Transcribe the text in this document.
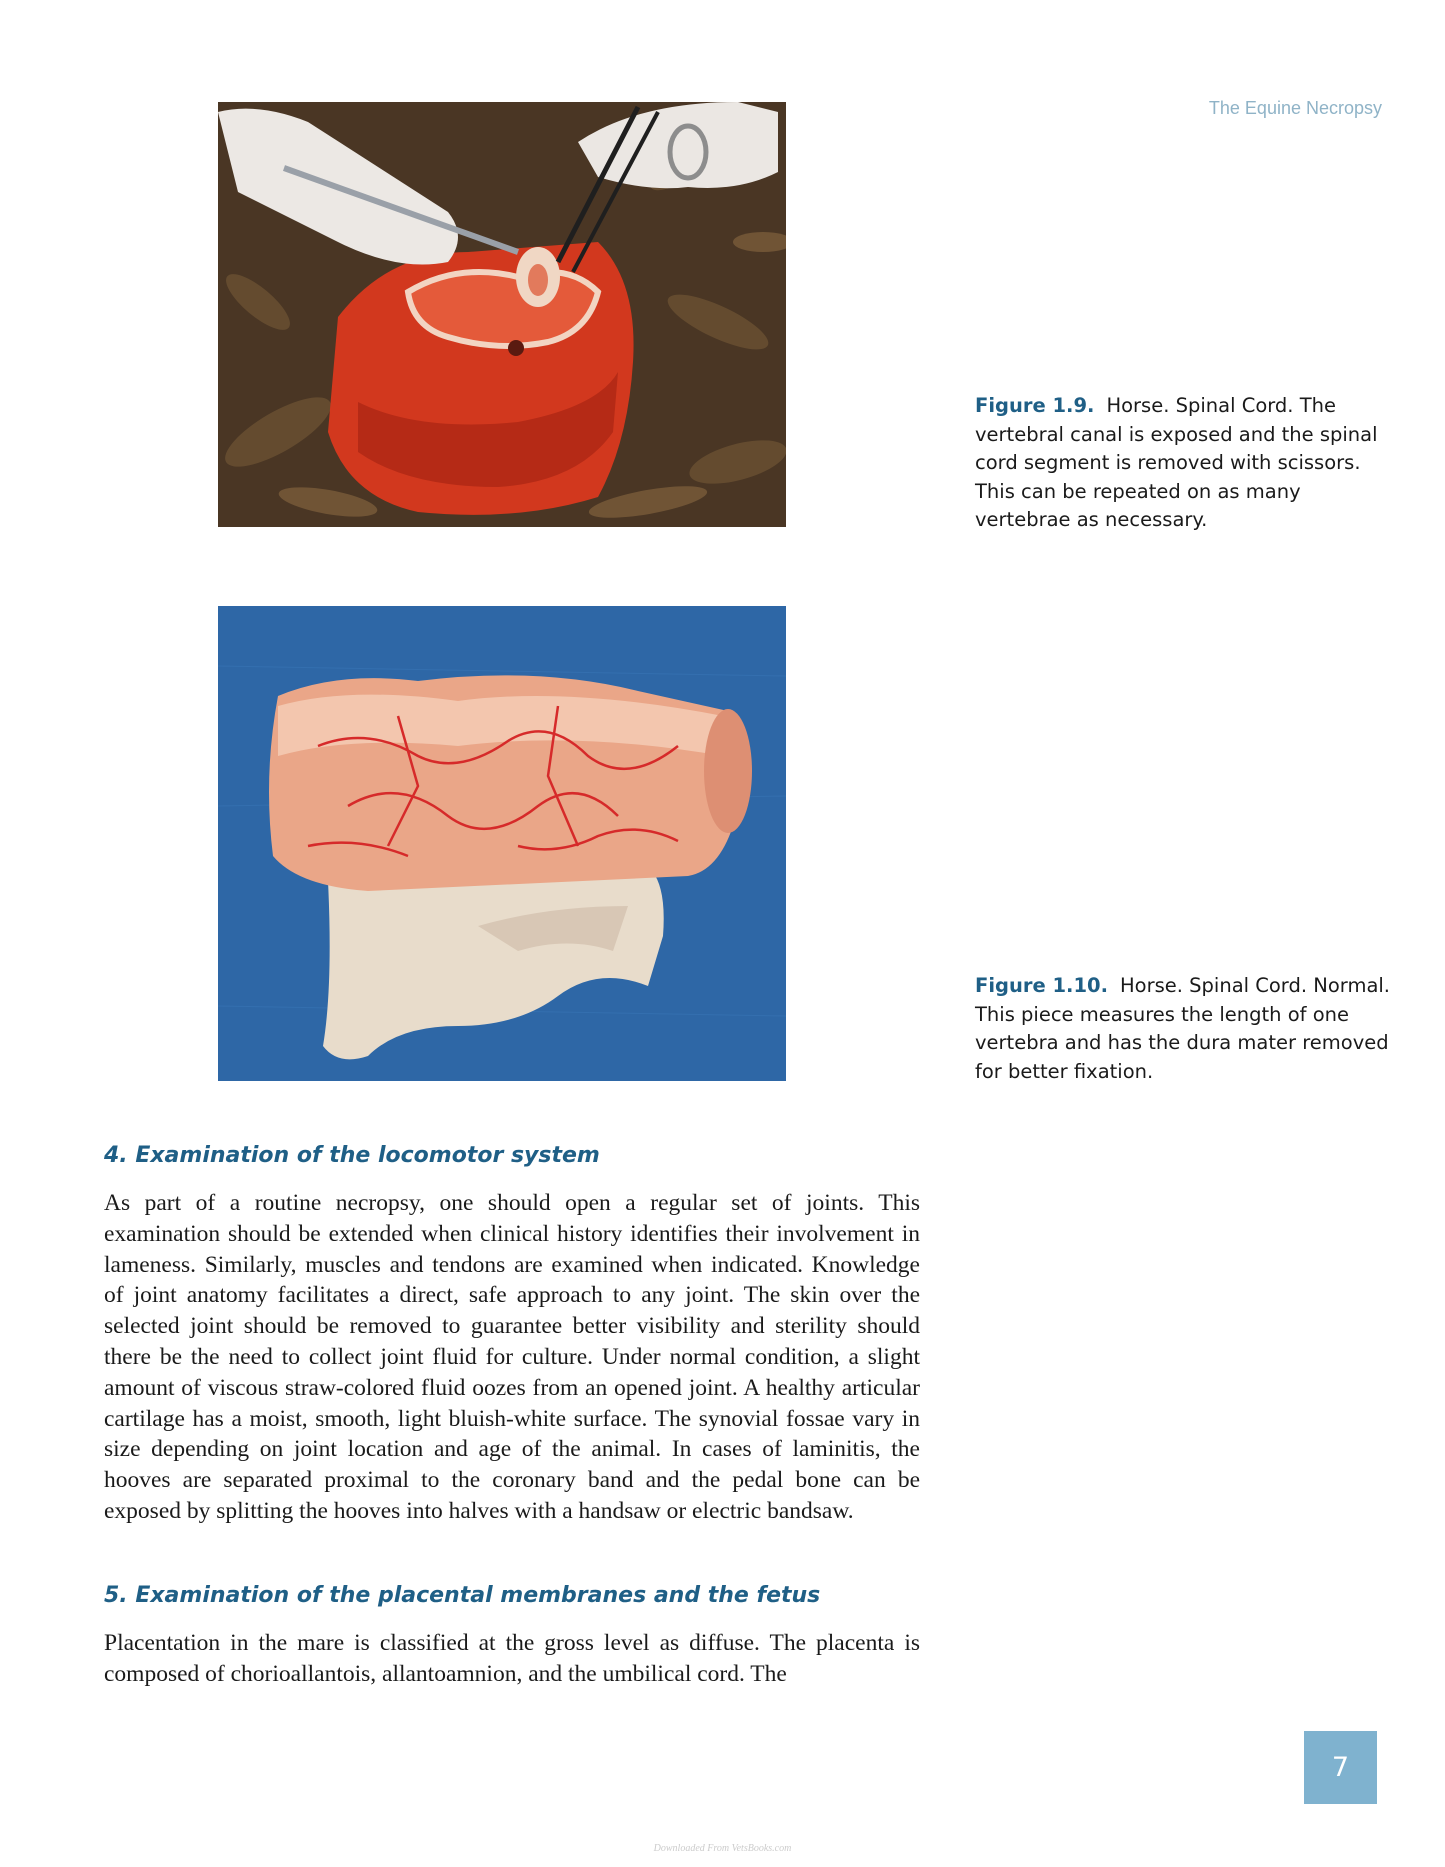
The Equine Necropsy
Figure 1.9. Horse. Spinal Cord. The vertebral canal is exposed and the spinal cord segment is removed with scissors. This can be repeated on as many vertebrae as necessary.
Figure 1.10. Horse. Spinal Cord. Normal. This piece measures the length of one vertebra and has the dura mater removed for better fixation.
4. Examination of the locomotor system
As part of a routine necropsy, one should open a regular set of joints. This examination should be extended when clinical history identifies their involvement in lameness. Similarly, muscles and tendons are examined when indicated. Knowledge of joint anatomy facilitates a direct, safe approach to any joint. The skin over the selected joint should be removed to guarantee better visibility and sterility should there be the need to collect joint fluid for culture. Under normal condition, a slight amount of viscous straw-colored fluid oozes from an opened joint. A healthy articular cartilage has a moist, smooth, light bluish-white surface. The synovial fossae vary in size depending on joint location and age of the animal. In cases of laminitis, the hooves are separated proximal to the coronary band and the pedal bone can be exposed by splitting the hooves into halves with a handsaw or electric bandsaw.
5. Examination of the placental membranes and the fetus
Placentation in the mare is classified at the gross level as diffuse. The placenta is composed of chorioallantois, allantoamnion, and the umbilical cord. The
7
Downloaded From VetsBooks.com
